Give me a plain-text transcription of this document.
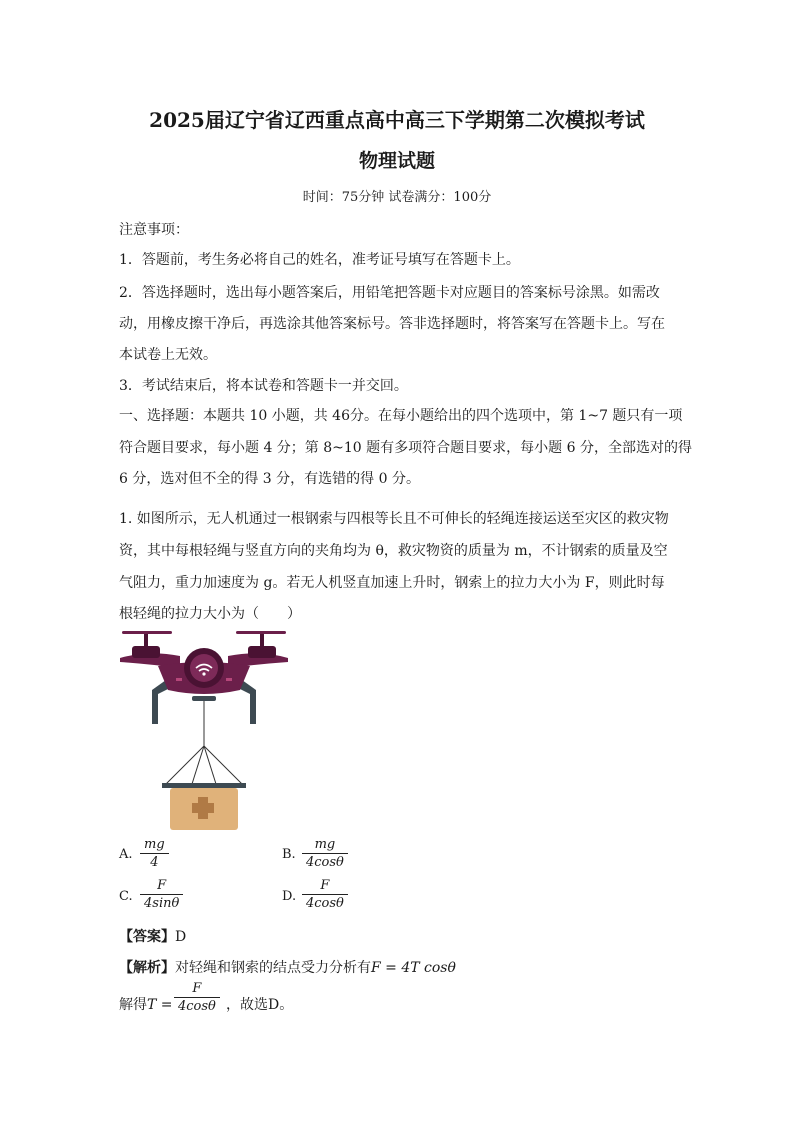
2025届辽宁省辽西重点高中高三下学期第二次模拟考试
物理试题
时间：75分钟 试卷满分：100分
注意事项：
1．答题前，考生务必将自己的姓名，准考证号填写在答题卡上。
2．答选择题时，选出每小题答案后，用铅笔把答题卡对应题目的答案标号涂黑。如需改
动，用橡皮擦干净后，再选涂其他答案标号。答非选择题时，将答案写在答题卡上。写在
本试卷上无效。
3．考试结束后，将本试卷和答题卡一并交回。
一、选择题：本题共 10 小题，共 46分。在每小题给出的四个选项中，第 1~7 题只有一项
符合题目要求，每小题 4 分；第 8~10 题有多项符合题目要求，每小题 6 分，全部选对的得
6 分，选对但不全的得 3 分，有选错的得 0 分。
1. 如图所示，无人机通过一根钢索与四根等长且不可伸长的轻绳连接运送至灾区的救灾物
资，其中每根轻绳与竖直方向的夹角均为 θ，救灾物资的质量为 m，不计钢索的质量及空
气阻力，重力加速度为 g。若无人机竖直加速上升时，钢索上的拉力大小为 F，则此时每
根轻绳的拉力大小为（　　）
A. $\frac{mg}{4}$	B. $\frac{mg}{4\cos\theta}$
C. $\frac{F}{4\sin\theta}$	D. $\frac{F}{4\cos\theta}$
【答案】D
【解析】对轻绳和钢索的结点受力分析有F = 4T cosθ
解得$T = \frac{F}{4\cos\theta}$ ，故选D。
